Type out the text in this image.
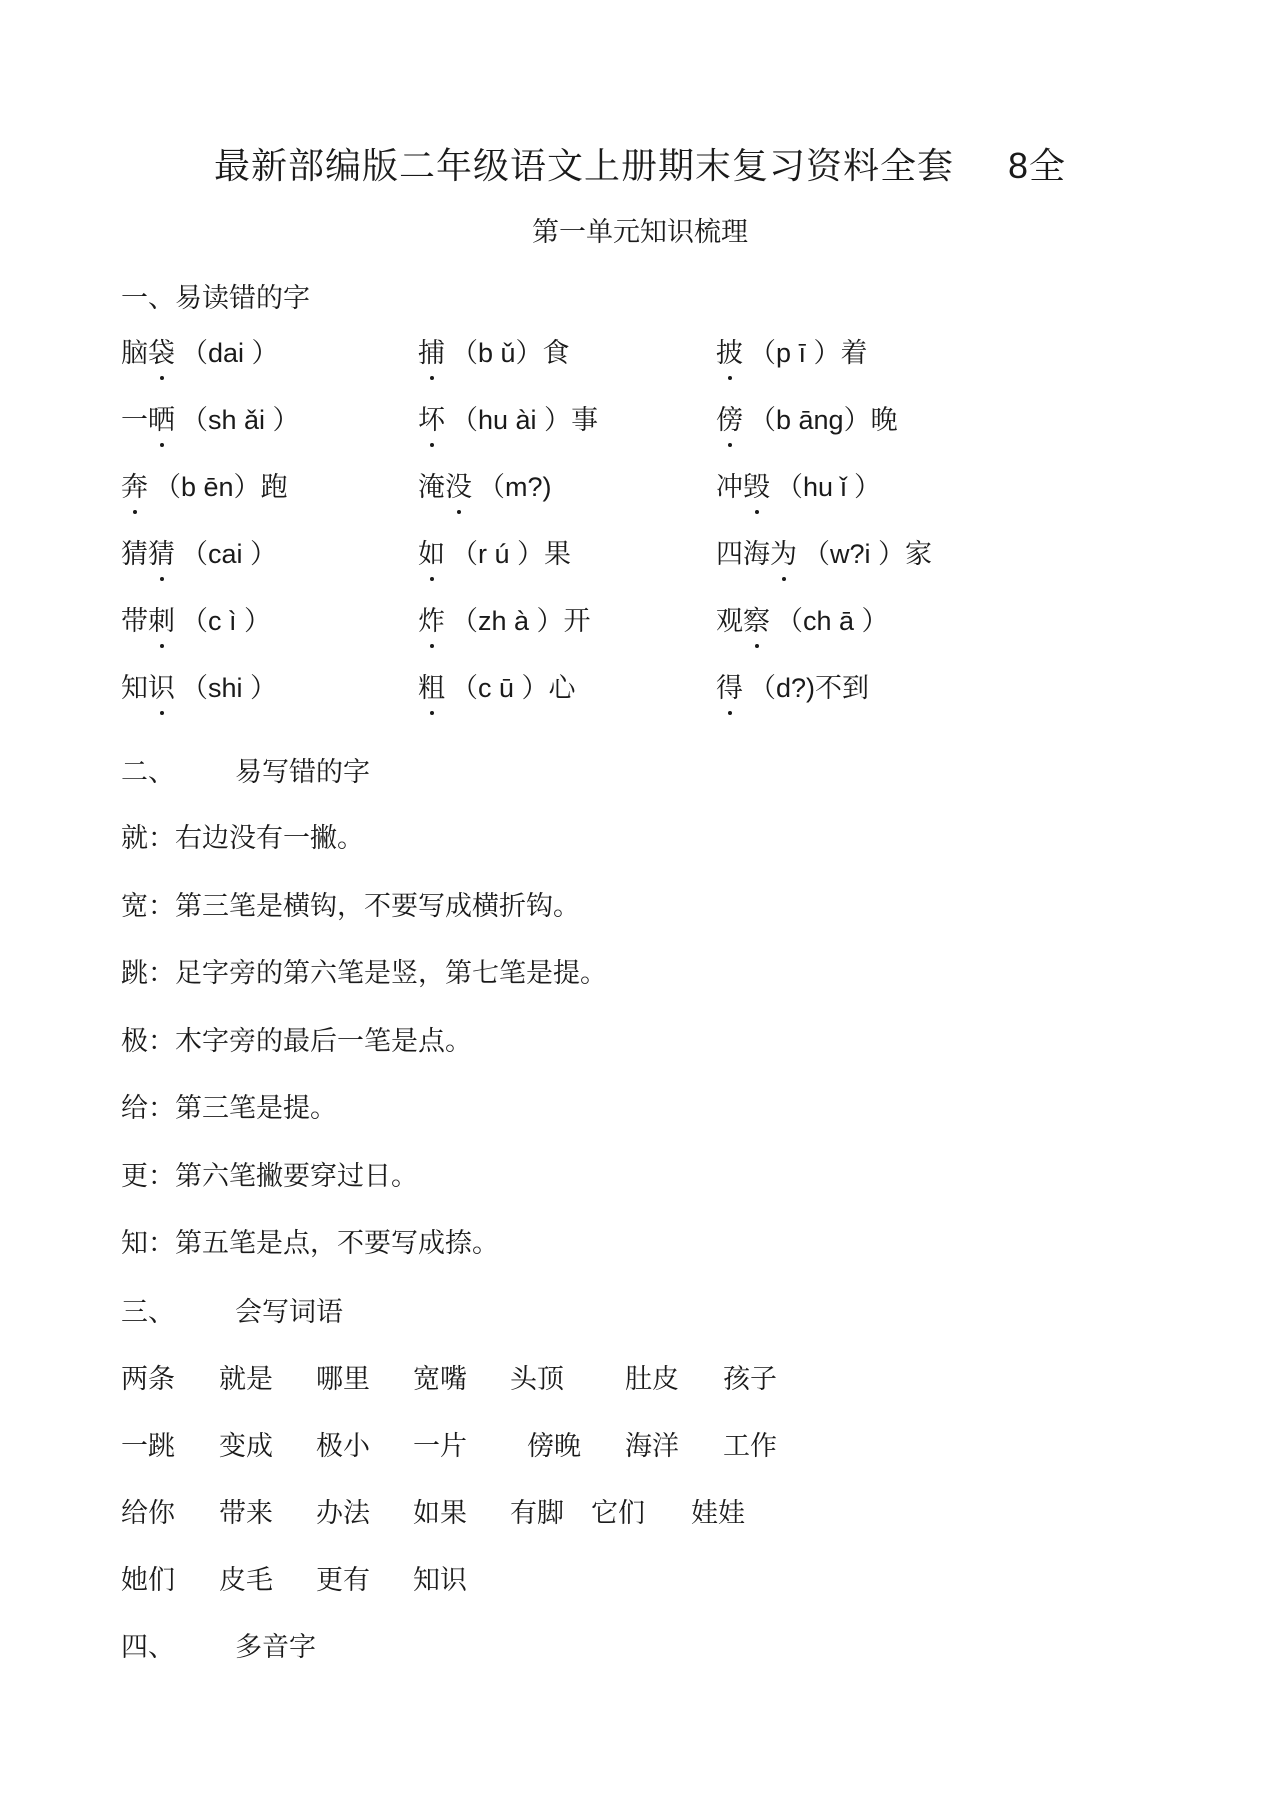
最新部编版二年级语文上册期末复习资料全套 8全
第一单元知识梳理
一、易读错的字
脑袋 （dai ）	捕 （b ǔ）食	披 （p ī ）着
一晒 （sh ǎi ）	坏 （hu ài ）事	傍 （b āng）晚
奔 （b ēn）跑	淹没 （m?)	冲毁 （hu ǐ ）
猜猜 （cai ）	如 （r ú ）果	四海为 （w?i ）家
带刺 （c ì ）	炸 （zh à ）开	观察 （ch ā ）
知识 （shi ）	粗 （c ū ）心	得 （d?)不到
二、 易写错的字
就：右边没有一撇。
宽：第三笔是横钩，不要写成横折钩。
跳：足字旁的第六笔是竖，第七笔是提。
极：木字旁的最后一笔是点。
给：第三笔是提。
更：第六笔撇要穿过日。
知：第五笔是点，不要写成捺。
三、 会写词语
两条 就是 哪里 宽嘴 头顶 肚皮 孩子
一跳 变成 极小 一片 傍晚 海洋 工作
给你 带来 办法 如果 有脚 它们 娃娃
她们 皮毛 更有 知识
四、 多音字
